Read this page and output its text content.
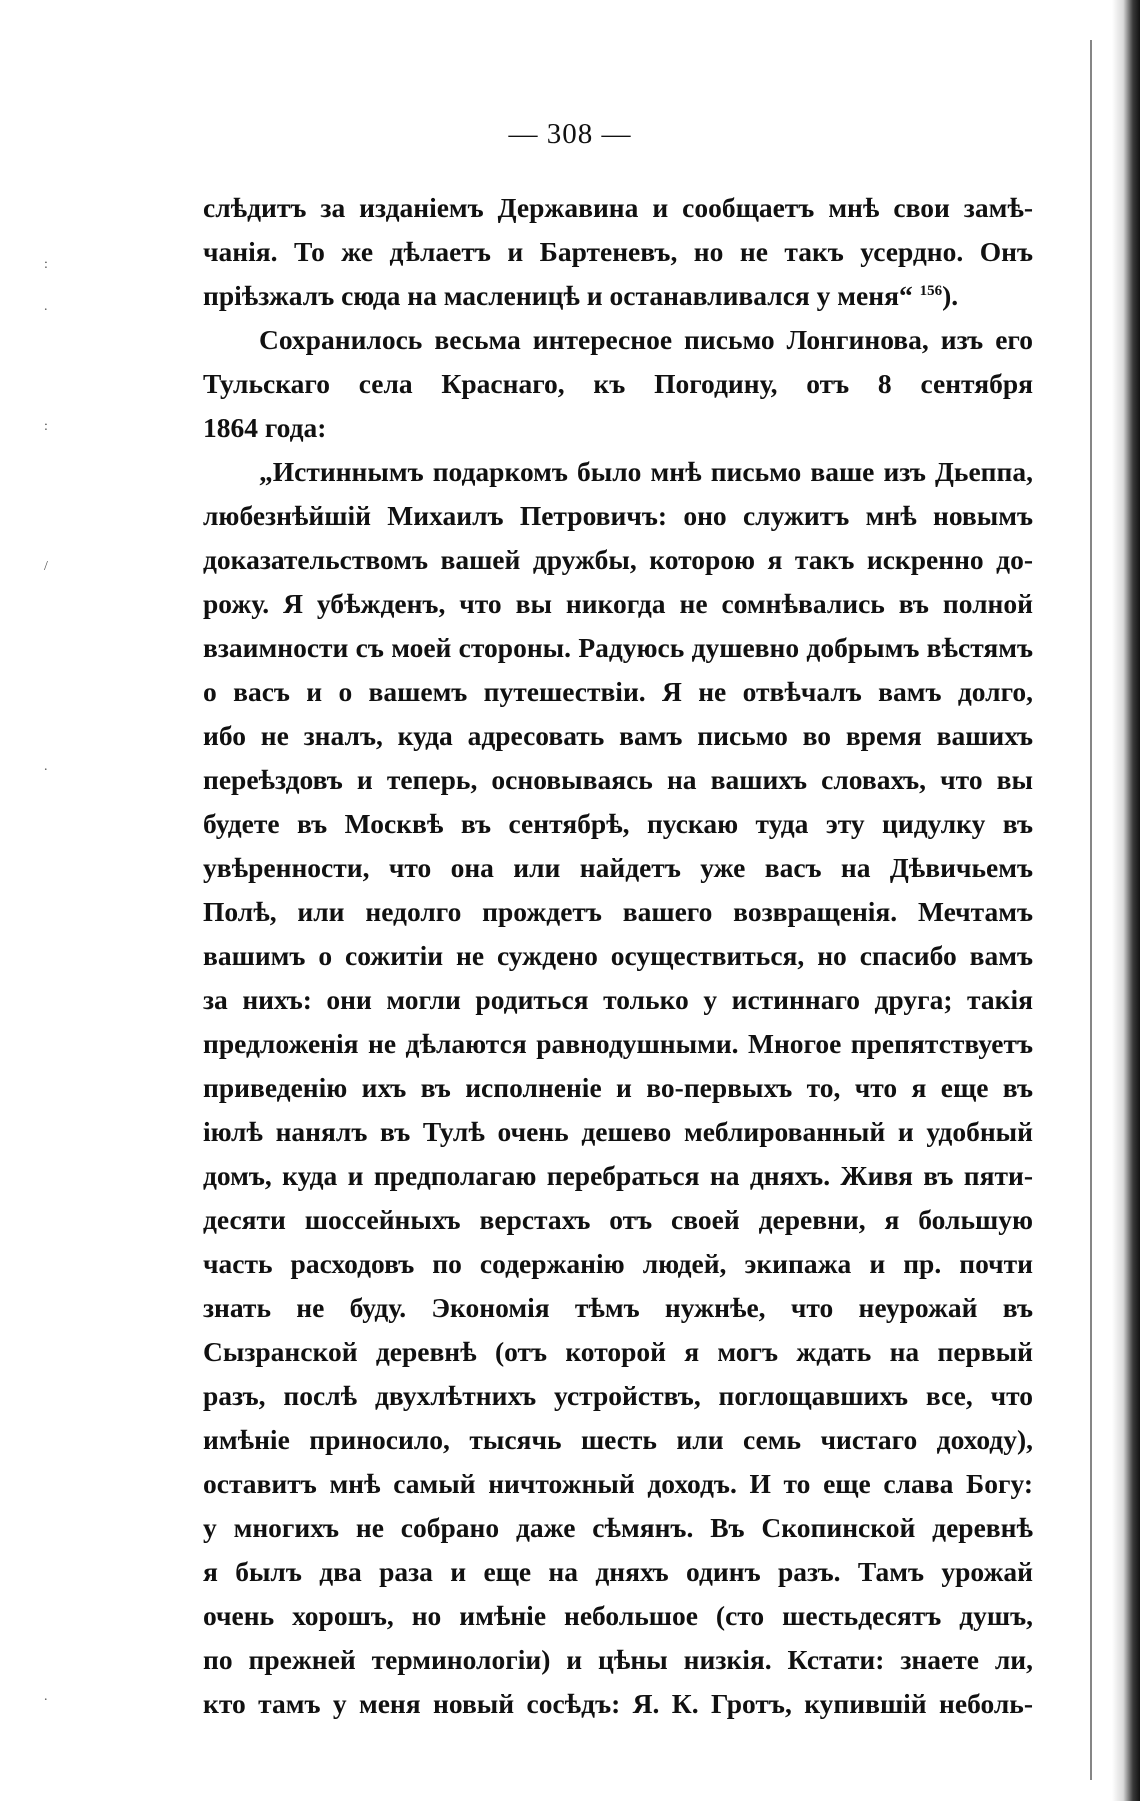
:
.
:
/
.
.
— 308 —
слѣдитъ за изданіемъ Державина и сообщаетъ мнѣ свои замѣ-
чанія. То же дѣлаетъ и Бартеневъ, но не такъ усердно. Онъ
пріѣзжалъ сюда на масленицѣ и останавливался у меня“ $^{156}$).
Сохранилось весьма интересное письмо Лонгинова, изъ его
Тульскаго села Краснаго, къ Погодину, отъ 8 сентября
1864 года:
„Истиннымъ подаркомъ было мнѣ письмо ваше изъ Дьеппа,
любезнѣйшій Михаилъ Петровичъ: оно служитъ мнѣ новымъ
доказательствомъ вашей дружбы, которою я такъ искренно до-
рожу. Я убѣжденъ, что вы никогда не сомнѣвались въ полной
взаимности съ моей стороны. Радуюсь душевно добрымъ вѣстямъ
о васъ и о вашемъ путешествіи. Я не отвѣчалъ вамъ долго,
ибо не зналъ, куда адресовать вамъ письмо во время вашихъ
переѣздовъ и теперь, основываясь на вашихъ словахъ, что вы
будете въ Москвѣ въ сентябрѣ, пускаю туда эту цидулку въ
увѣренности, что она или найдетъ уже васъ на Дѣвичьемъ
Полѣ, или недолго прождетъ вашего возвращенія. Мечтамъ
вашимъ о сожитіи не суждено осуществиться, но спасибо вамъ
за нихъ: они могли родиться только у истиннаго друга; такія
предложенія не дѣлаются равнодушными. Многое препятствуетъ
приведенію ихъ въ исполненіе и во-первыхъ то, что я еще въ
іюлѣ нанялъ въ Тулѣ очень дешево меблированный и удобный
домъ, куда и предполагаю перебраться на дняхъ. Живя въ пяти-
десяти шоссейныхъ верстахъ отъ своей деревни, я большую
часть расходовъ по содержанію людей, экипажа и пр. почти
знать не буду. Экономія тѣмъ нужнѣе, что неурожай въ
Сызранской деревнѣ (отъ которой я могъ ждать на первый
разъ, послѣ двухлѣтнихъ устройствъ, поглощавшихъ все, что
имѣніе приносило, тысячь шесть или семь чистаго доходу),
оставитъ мнѣ самый ничтожный доходъ. И то еще слава Богу:
у многихъ не собрано даже сѣмянъ. Въ Скопинской деревнѣ
я былъ два раза и еще на дняхъ одинъ разъ. Тамъ урожай
очень хорошъ, но имѣніе небольшое (сто шестьдесятъ душъ,
по прежней терминологіи) и цѣны низкія. Кстати: знаете ли,
кто тамъ у меня новый сосѣдъ: Я. К. Гротъ, купившій неболь-
